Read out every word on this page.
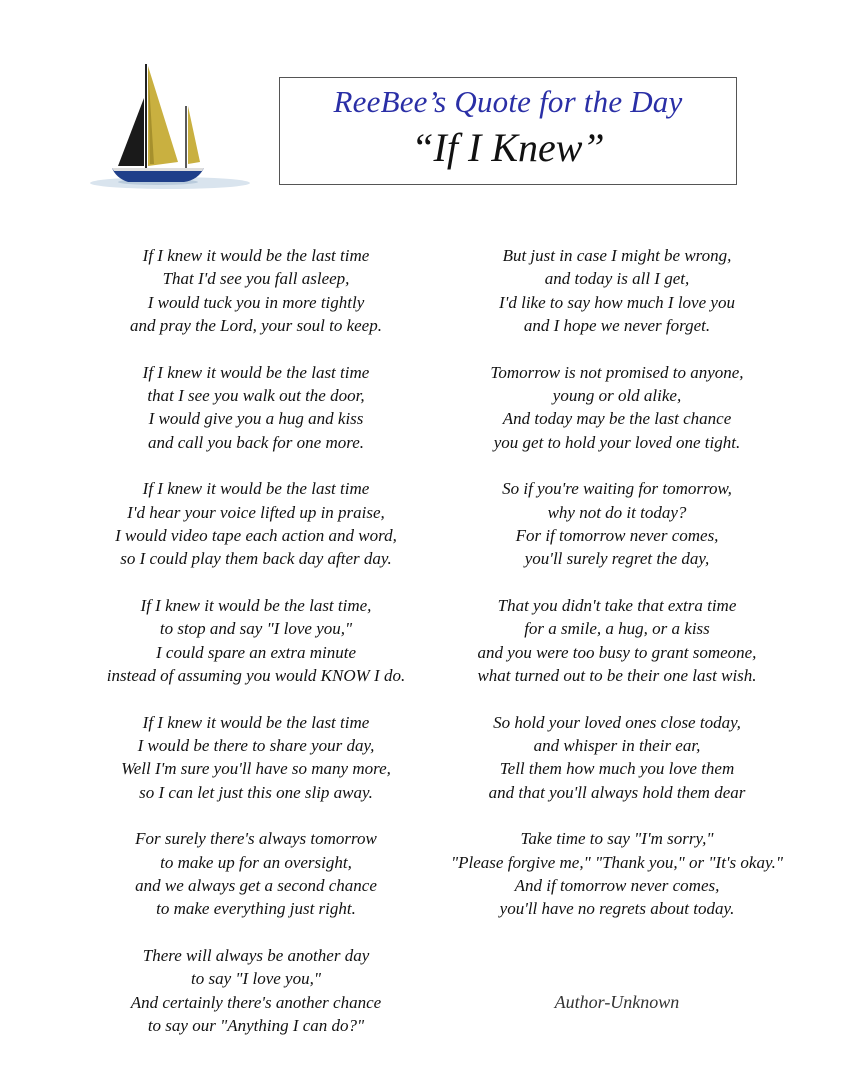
ReeBee’s Quote for the Day
“If I Knew”
If I knew it would be the last time
That I'd see you fall asleep,
I would tuck you in more tightly
and pray the Lord, your soul to keep.
If I knew it would be the last time
that I see you walk out the door,
I would give you a hug and kiss
and call you back for one more.
If I knew it would be the last time
I'd hear your voice lifted up in praise,
I would video tape each action and word,
so I could play them back day after day.
If I knew it would be the last time,
to stop and say "I love you,"
I could spare an extra minute
instead of assuming you would KNOW I do.
If I knew it would be the last time
I would be there to share your day,
Well I'm sure you'll have so many more,
so I can let just this one slip away.
For surely there's always tomorrow
to make up for an oversight,
and we always get a second chance
to make everything just right.
There will always be another day
to say "I love you,"
And certainly there's another chance
to say our "Anything I can do?"
But just in case I might be wrong,
and today is all I get,
I'd like to say how much I love you
and I hope we never forget.
Tomorrow is not promised to anyone,
young or old alike,
And today may be the last chance
you get to hold your loved one tight.
So if you're waiting for tomorrow,
why not do it today?
For if tomorrow never comes,
you'll surely regret the day,
That you didn't take that extra time
for a smile, a hug, or a kiss
and you were too busy to grant someone,
what turned out to be their one last wish.
So hold your loved ones close today,
and whisper in their ear,
Tell them how much you love them
and that you'll always hold them dear
Take time to say "I'm sorry,"
"Please forgive me," "Thank you," or "It's okay."
And if tomorrow never comes,
you'll have no regrets about today.
Author-Unknown
